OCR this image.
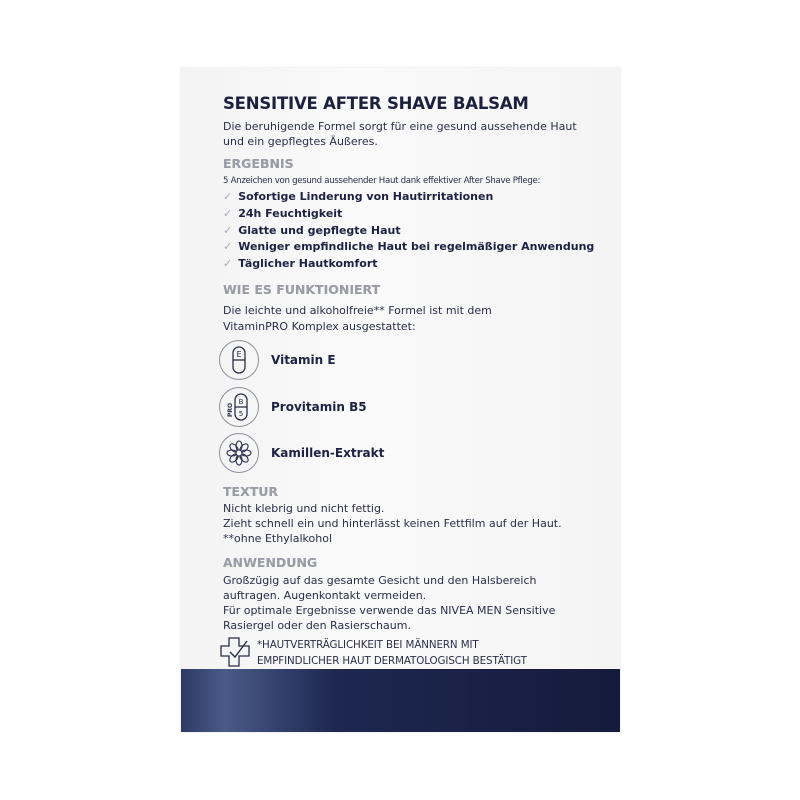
SENSITIVE AFTER SHAVE BALSAM
Die beruhigende Formel sorgt für eine gesund aussehende Haut
und ein gepflegtes Äußeres.
ERGEBNIS
5 Anzeichen von gesund aussehender Haut dank effektiver After Shave Pflege:
✓ Sofortige Linderung von Hautirritationen
✓ 24h Feuchtigkeit
✓ Glatte und gepflegte Haut
✓ Weniger empfindliche Haut bei regelmäßiger Anwendung
✓ Täglicher Hautkomfort
WIE ES FUNKTIONIERT
Die leichte und alkoholfreie** Formel ist mit dem
VitaminPRO Komplex ausgestattet:
E Vitamin E
PRO
B
5 Provitamin B5
Kamillen-Extrakt
TEXTUR
Nicht klebrig und nicht fettig.
Zieht schnell ein und hinterlässt keinen Fettfilm auf der Haut.
**ohne Ethylalkohol
ANWENDUNG
Großzügig auf das gesamte Gesicht und den Halsbereich
auftragen. Augenkontakt vermeiden.
Für optimale Ergebnisse verwende das NIVEA MEN Sensitive
Rasiergel oder den Rasierschaum.
*HAUTVERTRÄGLICHKEIT BEI MÄNNERN MIT
EMPFINDLICHER HAUT DERMATOLOGISCH BESTÄTIGT
